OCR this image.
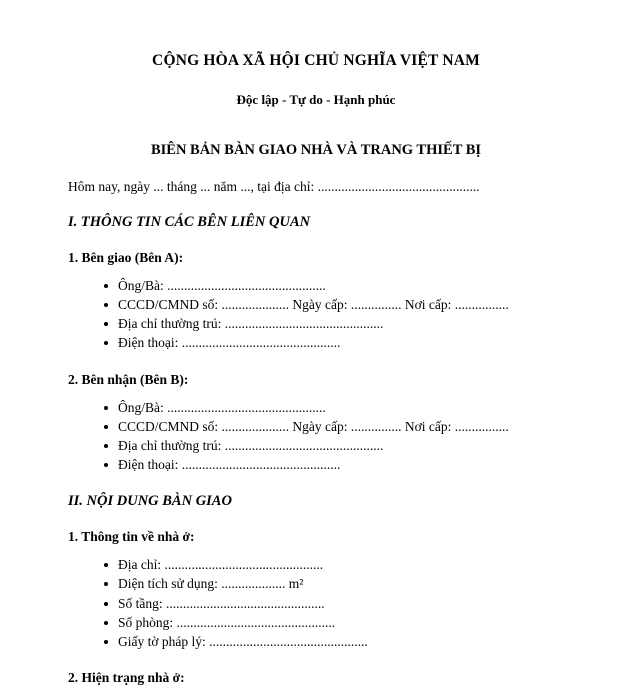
CỘNG HÒA XÃ HỘI CHỦ NGHĨA VIỆT NAM
Độc lập - Tự do - Hạnh phúc
BIÊN BẢN BÀN GIAO NHÀ VÀ TRANG THIẾT BỊ
Hôm nay, ngày ... tháng ... năm ..., tại địa chỉ: ................................................
I. THÔNG TIN CÁC BÊN LIÊN QUAN
1. Bên giao (Bên A):
Ông/Bà: ...............................................
CCCD/CMND số: .................... Ngày cấp: ............... Nơi cấp: ................
Địa chỉ thường trú: ...............................................
Điện thoại: ...............................................
2. Bên nhận (Bên B):
Ông/Bà: ...............................................
CCCD/CMND số: .................... Ngày cấp: ............... Nơi cấp: ................
Địa chỉ thường trú: ...............................................
Điện thoại: ...............................................
II. NỘI DUNG BÀN GIAO
1. Thông tin về nhà ở:
Địa chỉ: ...............................................
Diện tích sử dụng: ................... m²
Số tầng: ...............................................
Số phòng: ...............................................
Giấy tờ pháp lý: ...............................................
2. Hiện trạng nhà ở:
